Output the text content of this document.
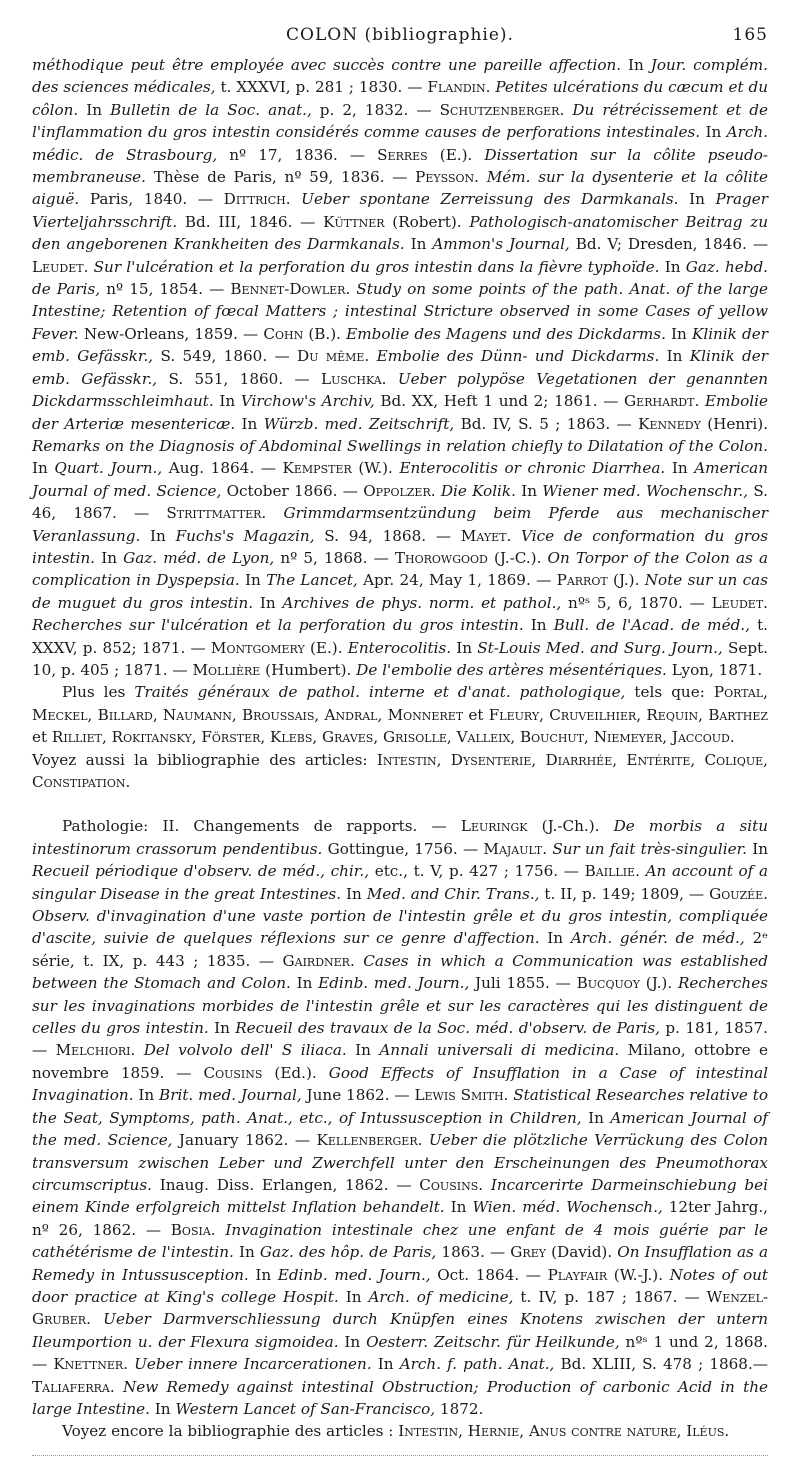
COLON (bibliographie).	165

méthodique peut être employée avec succès contre une pareille affection. In Jour. complém. des sciences médicales, t. XXXVI, p. 281 ; 1830. — Flandin. Petites ulcérations du cæcum et du côlon. In Bulletin de la Soc. anat., p. 2, 1832. — Schutzenberger. Du rétrécissement et de l'inflammation du gros intestin considérés comme causes de perforations intestinales. In Arch. médic. de Strasbourg, nº 17, 1836. — Serres (E.). Dissertation sur la côlite pseudo-membraneuse. Thèse de Paris, nº 59, 1836. — Peysson. Mém. sur la dysenterie et la côlite aiguë. Paris, 1840. — Dittrich. Ueber spontane Zerreissung des Darmkanals. In Prager Vierteljahrsschrift. Bd. III, 1846. — Küttner (Robert). Pathologisch-anatomischer Beitrag zu den angeborenen Krankheiten des Darmkanals. In Ammon's Journal, Bd. V; Dresden, 1846. — Leudet. Sur l'ulcération et la perforation du gros intestin dans la fièvre typhoïde. In Gaz. hebd. de Paris, nº 15, 1854. — Bennet-Dowler. Study on some points of the path. Anat. of the large Intestine; Retention of fœcal Matters ; intestinal Stricture observed in some Cases of yellow Fever. New-Orleans, 1859. — Cohn (B.). Embolie des Magens und des Dickdarms. In Klinik der emb. Gefässkr., S. 549, 1860. — Du même. Embolie des Dünn- und Dickdarms. In Klinik der emb. Gefässkr., S. 551, 1860. — Luschka. Ueber polypöse Vegetationen der genannten Dickdarmsschleimhaut. In Virchow's Archiv, Bd. XX, Heft 1 und 2; 1861. — Gerhardt. Embolie der Arteriæ mesentericæ. In Würzb. med. Zeitschrift, Bd. IV, S. 5 ; 1863. — Kennedy (Henri). Remarks on the Diagnosis of Abdominal Swellings in relation chiefly to Dilatation of the Colon. In Quart. Journ., Aug. 1864. — Kempster (W.). Enterocolitis or chronic Diarrhea. In American Journal of med. Science, October 1866. — Oppolzer. Die Kolik. In Wiener med. Wochenschr., S. 46, 1867. — Strittmatter. Grimmdarmsentzündung beim Pferde aus mechanischer Veranlassung. In Fuchs's Magazin, S. 94, 1868. — Mayet. Vice de conformation du gros intestin. In Gaz. méd. de Lyon, nº 5, 1868. — Thorowgood (J.-C.). On Torpor of the Colon as a complication in Dyspepsia. In The Lancet, Apr. 24, May 1, 1869. — Parrot (J.). Note sur un cas de muguet du gros intestin. In Archives de phys. norm. et pathol., nºˢ 5, 6, 1870. — Leudet. Recherches sur l'ulcération et la perforation du gros intestin. In Bull. de l'Acad. de méd., t. XXXV, p. 852; 1871. — Montgomery (E.). Enterocolitis. In St-Louis Med. and Surg. Journ., Sept. 10, p. 405 ; 1871. — Mollière (Humbert). De l'embolie des artères mésentériques. Lyon, 1871.

Plus les Traités généraux de pathol. interne et d'anat. pathologique, tels que: Portal, Meckel, Billard, Naumann, Broussais, Andral, Monneret et Fleury, Cruveilhier, Requin, Barthez et Rilliet, Rokitansky, Förster, Klebs, Graves, Grisolle, Valleix, Bouchut, Niemeyer, Jaccoud.

Voyez aussi la bibliographie des articles: Intestin, Dysenterie, Diarrhée, Entérite, Colique, Constipation.

Pathologie: II. Changements de rapports. — Leuringk (J.-Ch.). De morbis a situ intestinorum crassorum pendentibus. Gottingue, 1756. — Majault. Sur un fait très-singulier. In Recueil périodique d'observ. de méd., chir., etc., t. V, p. 427 ; 1756. — Baillie. An account of a singular Disease in the great Intestines. In Med. and Chir. Trans., t. II, p. 149; 1809, — Gouzée. Observ. d'invagination d'une vaste portion de l'intestin grêle et du gros intestin, compliquée d'ascite, suivie de quelques réflexions sur ce genre d'affection. In Arch. génér. de méd., 2ᵉ série, t. IX, p. 443 ; 1835. — Gairdner. Cases in which a Communication was established between the Stomach and Colon. In Edinb. med. Journ., Juli 1855. — Bucquoy (J.). Recherches sur les invaginations morbides de l'intestin grêle et sur les caractères qui les distinguent de celles du gros intestin. In Recueil des travaux de la Soc. méd. d'observ. de Paris, p. 181, 1857.— Melchiori. Del volvolo dell' S iliaca. In Annali universali di medicina. Milano, ottobre e novembre 1859. — Cousins (Ed.). Good Effects of Insufflation in a Case of intestinal Invagination. In Brit. med. Journal, June 1862. — Lewis Smith. Statistical Researches relative to the Seat, Symptoms, path. Anat., etc., of Intussusception in Children, In American Journal of the med. Science, January 1862. — Kellenberger. Ueber die plötzliche Verrückung des Colon transversum zwischen Leber und Zwerchfell unter den Erscheinungen des Pneumothorax circumscriptus. Inaug. Diss. Erlangen, 1862. — Cousins. Incarcerirte Darmeinschiebung bei einem Kinde erfolgreich mittelst Inflation behandelt. In Wien. méd. Wochensch., 12ter Jahrg., nº 26, 1862. — Bosia. Invagination intestinale chez une enfant de 4 mois guérie par le cathétérisme de l'intestin. In Gaz. des hôp. de Paris, 1863. — Grey (David). On Insufflation as a Remedy in Intussusception. In Edinb. med. Journ., Oct. 1864. — Playfair (W.-J.). Notes of out door practice at King's college Hospit. In Arch. of medicine, t. IV, p. 187 ; 1867. — Wenzel-Gruber. Ueber Darmverschliessung durch Knüpfen eines Knotens zwischen der untern Ileumportion u. der Flexura sigmoidea. In Oesterr. Zeitschr. für Heilkunde, nºˢ 1 und 2, 1868. — Knettner. Ueber innere Incarcerationen. In Arch. f. path. Anat., Bd. XLIII, S. 478 ; 1868.— Taliaferra. New Remedy against intestinal Obstruction; Production of carbonic Acid in the large Intestine. In Western Lancet of San-Francisco, 1872.

Voyez encore la bibliographie des articles : Intestin, Hernie, Anus contre nature, Iléus.
